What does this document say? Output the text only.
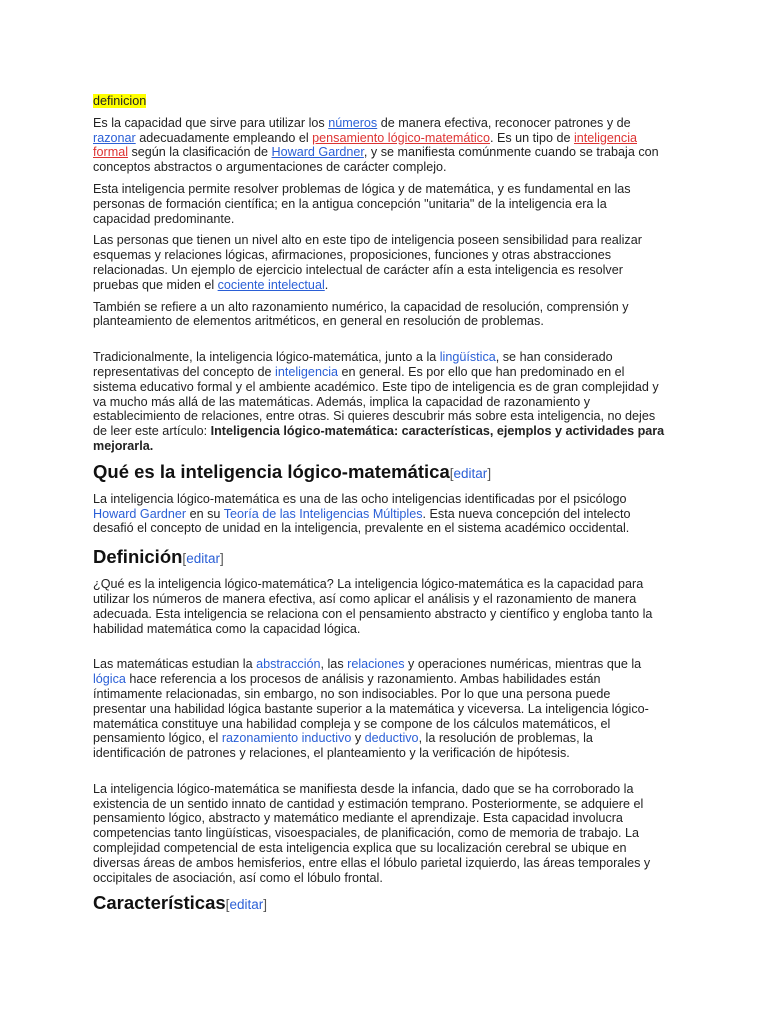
definicion

Es la capacidad que sirve para utilizar los números de manera efectiva, reconocer patrones y de razonar adecuadamente empleando el pensamiento lógico-matemático. Es un tipo de inteligencia formal según la clasificación de Howard Gardner, y se manifiesta comúnmente cuando se trabaja con conceptos abstractos o argumentaciones de carácter complejo.

Esta inteligencia permite resolver problemas de lógica y de matemática, y es fundamental en las personas de formación científica; en la antigua concepción "unitaria" de la inteligencia era la capacidad predominante.

Las personas que tienen un nivel alto en este tipo de inteligencia poseen sensibilidad para realizar esquemas y relaciones lógicas, afirmaciones, proposiciones, funciones y otras abstracciones relacionadas. Un ejemplo de ejercicio intelectual de carácter afín a esta inteligencia es resolver pruebas que miden el cociente intelectual.

También se refiere a un alto razonamiento numérico, la capacidad de resolución, comprensión y planteamiento de elementos aritméticos, en general en resolución de problemas.

Tradicionalmente, la inteligencia lógico-matemática, junto a la lingüística, se han considerado representativas del concepto de inteligencia en general. Es por ello que han predominado en el sistema educativo formal y el ambiente académico. Este tipo de inteligencia es de gran complejidad y va mucho más allá de las matemáticas. Además, implica la capacidad de razonamiento y establecimiento de relaciones, entre otras. Si quieres descubrir más sobre esta inteligencia, no dejes de leer este artículo: Inteligencia lógico-matemática: características, ejemplos y actividades para mejorarla.

Qué es la inteligencia lógico-matemática[editar]

La inteligencia lógico-matemática es una de las ocho inteligencias identificadas por el psicólogo Howard Gardner en su Teoría de las Inteligencias Múltiples. Esta nueva concepción del intelecto desafió el concepto de unidad en la inteligencia, prevalente en el sistema académico occidental.

Definición[editar]

¿Qué es la inteligencia lógico-matemática? La inteligencia lógico-matemática es la capacidad para utilizar los números de manera efectiva, así como aplicar el análisis y el razonamiento de manera adecuada. Esta inteligencia se relaciona con el pensamiento abstracto y científico y engloba tanto la habilidad matemática como la capacidad lógica.

Las matemáticas estudian la abstracción, las relaciones y operaciones numéricas, mientras que la lógica hace referencia a los procesos de análisis y razonamiento. Ambas habilidades están íntimamente relacionadas, sin embargo, no son indisociables. Por lo que una persona puede presentar una habilidad lógica bastante superior a la matemática y viceversa. La inteligencia lógico-matemática constituye una habilidad compleja y se compone de los cálculos matemáticos, el pensamiento lógico, el razonamiento inductivo y deductivo, la resolución de problemas, la identificación de patrones y relaciones, el planteamiento y la verificación de hipótesis.

La inteligencia lógico-matemática se manifiesta desde la infancia, dado que se ha corroborado la existencia de un sentido innato de cantidad y estimación temprano. Posteriormente, se adquiere el pensamiento lógico, abstracto y matemático mediante el aprendizaje. Esta capacidad involucra competencias tanto lingüísticas, visoespaciales, de planificación, como de memoria de trabajo. La complejidad competencial de esta inteligencia explica que su localización cerebral se ubique en diversas áreas de ambos hemisferios, entre ellas el lóbulo parietal izquierdo, las áreas temporales y occipitales de asociación, así como el lóbulo frontal.

Características[editar]
